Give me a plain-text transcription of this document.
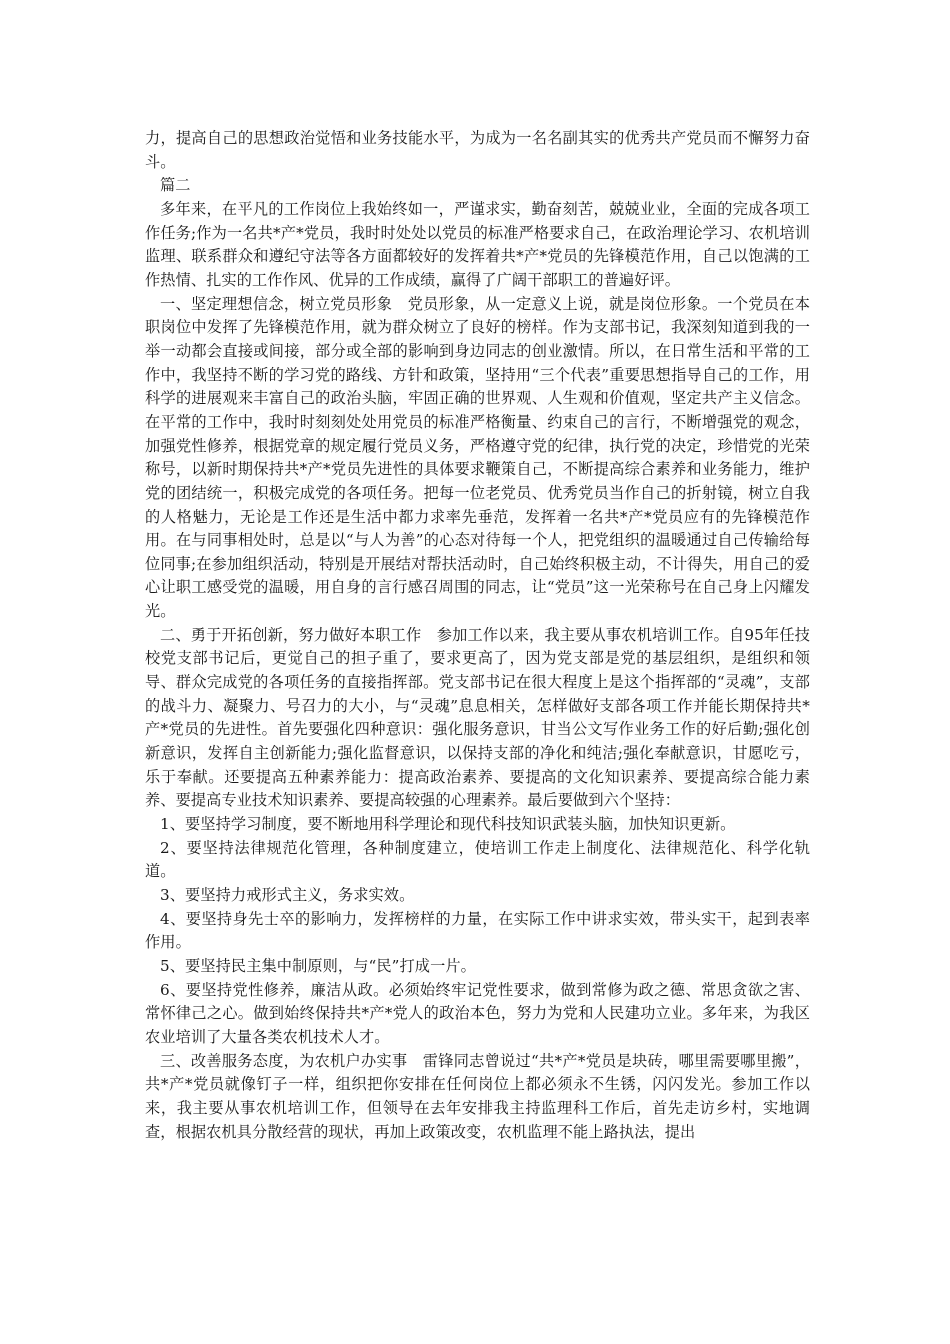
力，提高自己的思想政治觉悟和业务技能水平，为成为一名名副其实的优秀共产党员而不懈努力奋斗。

篇二

多年来，在平凡的工作岗位上我始终如一，严谨求实，勤奋刻苦，兢兢业业，全面的完成各项工作任务;作为一名共*产*党员，我时时处处以党员的标准严格要求自己，在政治理论学习、农机培训监理、联系群众和遵纪守法等各方面都较好的发挥着共*产*党员的先锋模范作用，自己以饱满的工作热情、扎实的工作作风、优异的工作成绩，赢得了广阔干部职工的普遍好评。

一、坚定理想信念，树立党员形象　党员形象，从一定意义上说，就是岗位形象。一个党员在本职岗位中发挥了先锋模范作用，就为群众树立了良好的榜样。作为支部书记，我深刻知道到我的一举一动都会直接或间接，部分或全部的影响到身边同志的创业激情。所以，在日常生活和平常的工作中，我坚持不断的学习党的路线、方针和政策，坚持用“三个代表”重要思想指导自己的工作，用科学的进展观来丰富自己的政治头脑，牢固正确的世界观、人生观和价值观，坚定共产主义信念。在平常的工作中，我时时刻刻处处用党员的标准严格衡量、约束自己的言行，不断增强党的观念，加强党性修养，根据党章的规定履行党员义务，严格遵守党的纪律，执行党的决定，珍惜党的光荣称号，以新时期保持共*产*党员先进性的具体要求鞭策自己，不断提高综合素养和业务能力，维护党的团结统一，积极完成党的各项任务。把每一位老党员、优秀党员当作自己的折射镜，树立自我的人格魅力，无论是工作还是生活中都力求率先垂范，发挥着一名共*产*党员应有的先锋模范作用。在与同事相处时，总是以“与人为善”的心态对待每一个人，把党组织的温暖通过自己传输给每位同事;在参加组织活动，特别是开展结对帮扶活动时，自己始终积极主动，不计得失，用自己的爱心让职工感受党的温暖，用自身的言行感召周围的同志，让“党员”这一光荣称号在自己身上闪耀发光。

二、勇于开拓创新，努力做好本职工作　参加工作以来，我主要从事农机培训工作。自95年任技校党支部书记后，更觉自己的担子重了，要求更高了，因为党支部是党的基层组织，是组织和领导、群众完成党的各项任务的直接指挥部。党支部书记在很大程度上是这个指挥部的“灵魂”，支部的战斗力、凝聚力、号召力的大小，与“灵魂”息息相关，怎样做好支部各项工作并能长期保持共*产*党员的先进性。首先要强化四种意识：强化服务意识，甘当公文写作业务工作的好后勤;强化创新意识，发挥自主创新能力;强化监督意识，以保持支部的净化和纯洁;强化奉献意识，甘愿吃亏，乐于奉献。还要提高五种素养能力：提高政治素养、要提高的文化知识素养、要提高综合能力素养、要提高专业技术知识素养、要提高较强的心理素养。最后要做到六个坚持：

1、要坚持学习制度，要不断地用科学理论和现代科技知识武装头脑，加快知识更新。

2、要坚持法律规范化管理，各种制度建立，使培训工作走上制度化、法律规范化、科学化轨道。

3、要坚持力戒形式主义，务求实效。

4、要坚持身先士卒的影响力，发挥榜样的力量，在实际工作中讲求实效，带头实干，起到表率作用。

5、要坚持民主集中制原则，与“民”打成一片。

6、要坚持党性修养，廉洁从政。必须始终牢记党性要求，做到常修为政之德、常思贪欲之害、常怀律己之心。做到始终保持共*产*党人的政治本色，努力为党和人民建功立业。多年来，为我区农业培训了大量各类农机技术人才。

三、改善服务态度，为农机户办实事　雷锋同志曾说过“共*产*党员是块砖，哪里需要哪里搬”，共*产*党员就像钉子一样，组织把你安排在任何岗位上都必须永不生锈，闪闪发光。参加工作以来，我主要从事农机培训工作，但领导在去年安排我主持监理科工作后，首先走访乡村，实地调查，根据农机具分散经营的现状，再加上政策改变，农机监理不能上路执法，提出
